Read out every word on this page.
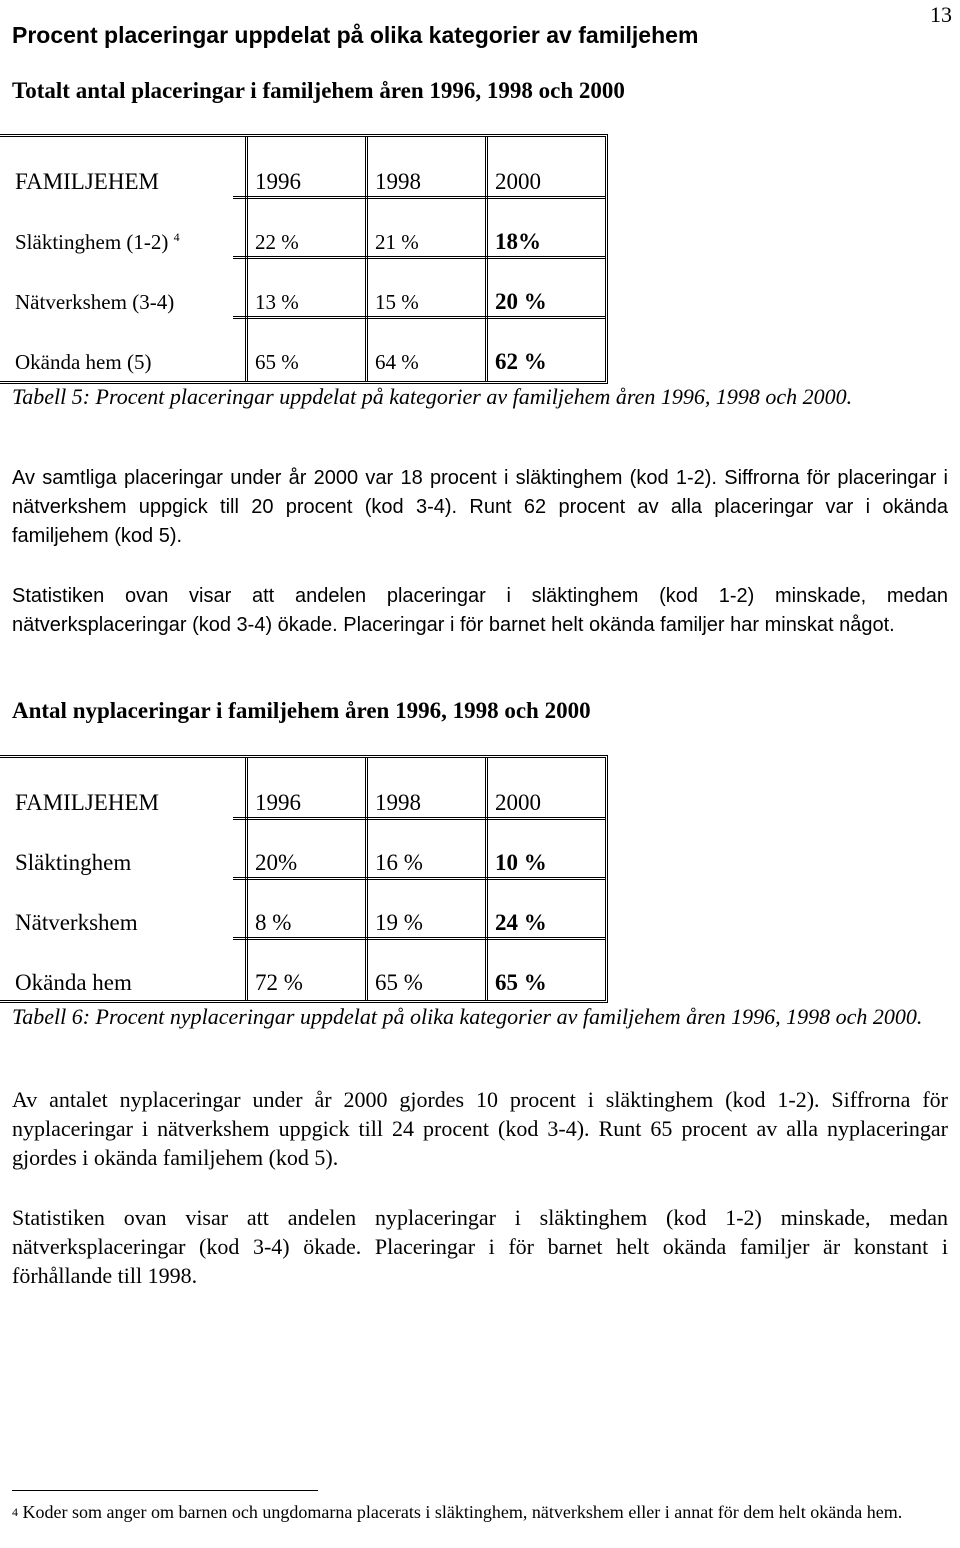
13
Procent placeringar uppdelat på olika kategorier av familjehem
Totalt antal placeringar i familjehem åren 1996, 1998 och 2000
FAMILJEHEM	1996	1998	2000
Släktinghem (1-2) $^4$	22 %	21 %	18%
Nätverkshem (3-4)	13 %	15 %	20 %
Okända hem (5)	65 %	64 %	62 %
Tabell 5: Procent placeringar uppdelat på kategorier av familjehem åren 1996, 1998 och 2000.
Av samtliga placeringar under år 2000 var 18 procent i släktinghem (kod 1-2). Siffrorna för placeringar i nätverkshem uppgick till 20 procent (kod 3-4). Runt 62 procent av alla placeringar var i okända familjehem (kod 5).
Statistiken ovan visar att andelen placeringar i släktinghem (kod 1-2) minskade, medan nätverksplaceringar (kod 3-4) ökade. Placeringar i för barnet helt okända familjer har minskat något.
Antal nyplaceringar i familjehem åren 1996, 1998 och 2000
FAMILJEHEM	1996	1998	2000
Släktinghem	20%	16 %	10 %
Nätverkshem	8 %	19 %	24 %
Okända hem	72 %	65 %	65 %
Tabell 6: Procent nyplaceringar uppdelat på olika kategorier av familjehem åren 1996, 1998 och 2000.
Av antalet nyplaceringar under år 2000 gjordes 10 procent i släktinghem (kod 1-2). Siffrorna för nyplaceringar i nätverkshem uppgick till 24 procent (kod 3-4). Runt 65 procent av alla nyplaceringar gjordes i okända familjehem (kod 5).
Statistiken ovan visar att andelen nyplaceringar i släktinghem (kod 1-2) minskade, medan nätverksplaceringar (kod 3-4) ökade. Placeringar i för barnet helt okända familjer är konstant i förhållande till 1998.
$^4$ Koder som anger om barnen och ungdomarna placerats i släktinghem, nätverkshem eller i annat för dem helt okända hem.
